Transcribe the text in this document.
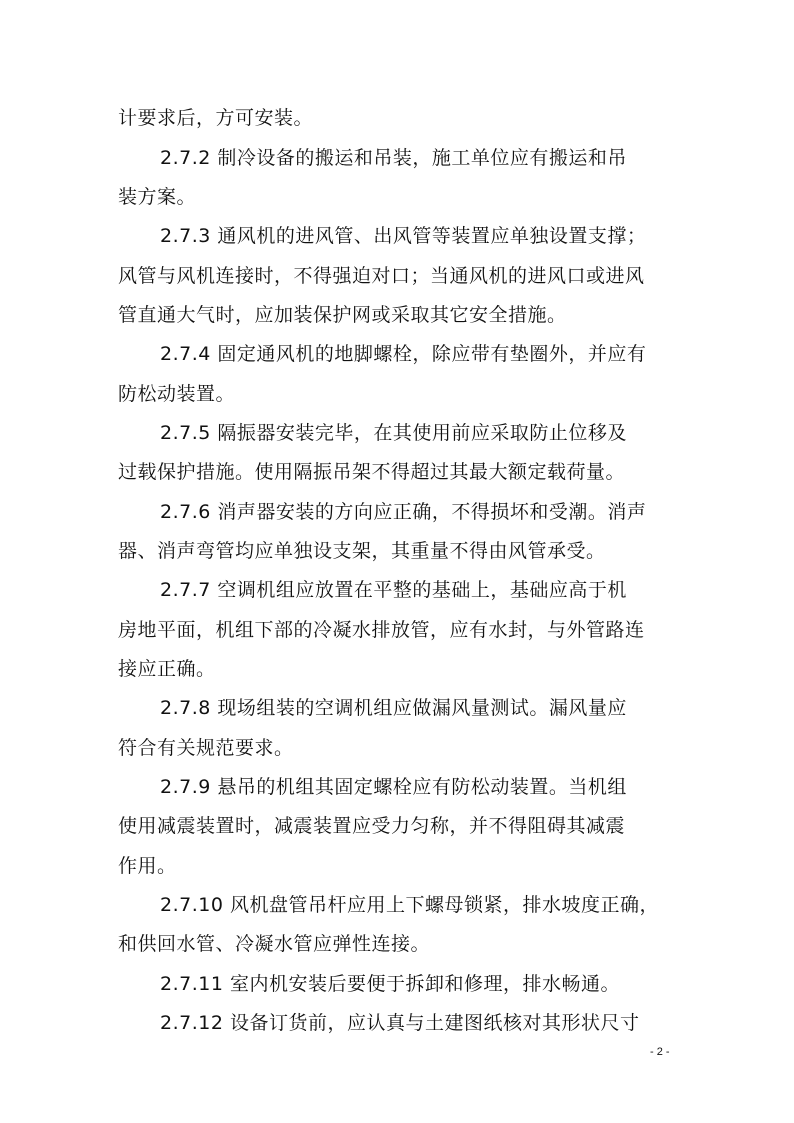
计要求后，方可安装。
2.7.2 制冷设备的搬运和吊装，施工单位应有搬运和吊
装方案。
2.7.3 通风机的进风管、出风管等装置应单独设置支撑；
风管与风机连接时，不得强迫对口；当通风机的进风口或进风
管直通大气时，应加装保护网或采取其它安全措施。
2.7.4 固定通风机的地脚螺栓，除应带有垫圈外，并应有
防松动装置。
2.7.5 隔振器安装完毕，在其使用前应采取防止位移及
过载保护措施。使用隔振吊架不得超过其最大额定载荷量。
2.7.6 消声器安装的方向应正确，不得损坏和受潮。消声
器、消声弯管均应单独设支架，其重量不得由风管承受。
2.7.7 空调机组应放置在平整的基础上，基础应高于机
房地平面，机组下部的冷凝水排放管，应有水封，与外管路连
接应正确。
2.7.8 现场组装的空调机组应做漏风量测试。漏风量应
符合有关规范要求。
2.7.9 悬吊的机组其固定螺栓应有防松动装置。当机组
使用减震装置时，减震装置应受力匀称，并不得阻碍其减震
作用。
2.7.10 风机盘管吊杆应用上下螺母锁紧，排水坡度正确，
和供回水管、冷凝水管应弹性连接。
2.7.11 室内机安装后要便于拆卸和修理，排水畅通。
2.7.12 设备订货前，应认真与土建图纸核对其形状尺寸
- 2 -
